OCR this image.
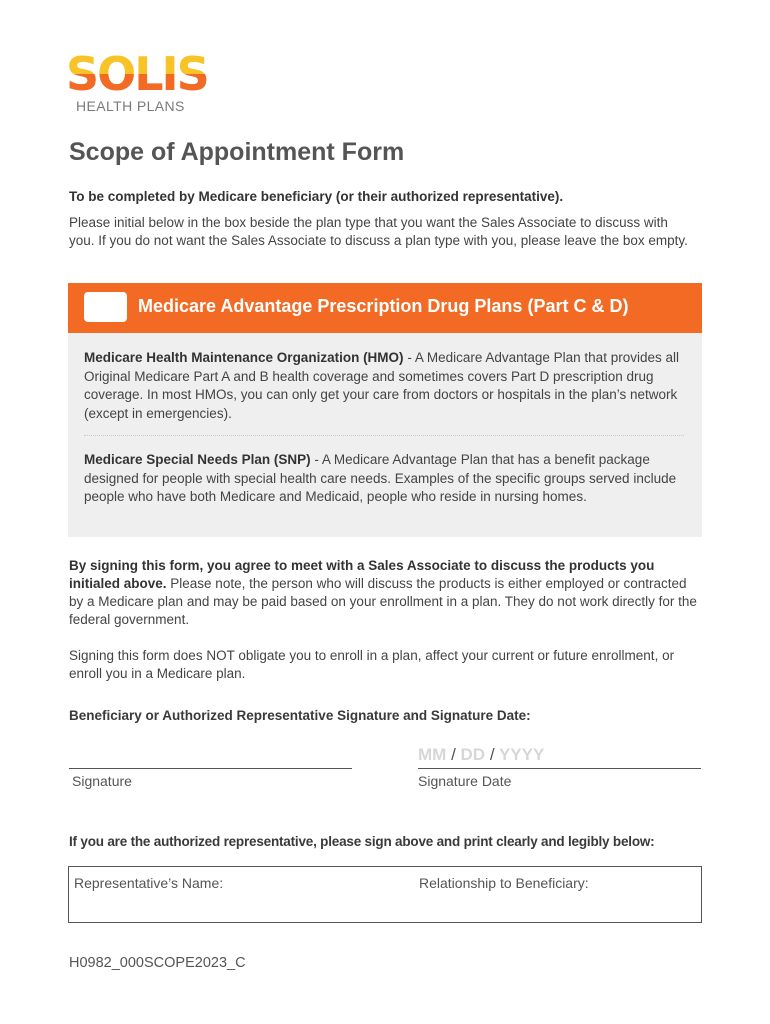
SOLIS
HEALTH PLANS
Scope of Appointment Form
To be completed by Medicare beneficiary (or their authorized representative).
Please initial below in the box beside the plan type that you want the Sales Associate to discuss with you. If you do not want the Sales Associate to discuss a plan type with you, please leave the box empty.
Medicare Advantage Prescription Drug Plans (Part C & D)
Medicare Health Maintenance Organization (HMO) - A Medicare Advantage Plan that provides all Original Medicare Part A and B health coverage and sometimes covers Part D prescription drug coverage. In most HMOs, you can only get your care from doctors or hospitals in the plan’s network (except in emergencies).
Medicare Special Needs Plan (SNP) - A Medicare Advantage Plan that has a benefit package designed for people with special health care needs. Examples of the specific groups served include people who have both Medicare and Medicaid, people who reside in nursing homes.
By signing this form, you agree to meet with a Sales Associate to discuss the products you initialed above. Please note, the person who will discuss the products is either employed or contracted by a Medicare plan and may be paid based on your enrollment in a plan. They do not work directly for the federal government.
Signing this form does NOT obligate you to enroll in a plan, affect your current or future enrollment, or enroll you in a Medicare plan.
Beneficiary or Authorized Representative Signature and Signature Date:
MM / DD / YYYY
Signature	Signature Date
If you are the authorized representative, please sign above and print clearly and legibly below:
Representative’s Name:	Relationship to Beneficiary:
H0982_000SCOPE2023_C
